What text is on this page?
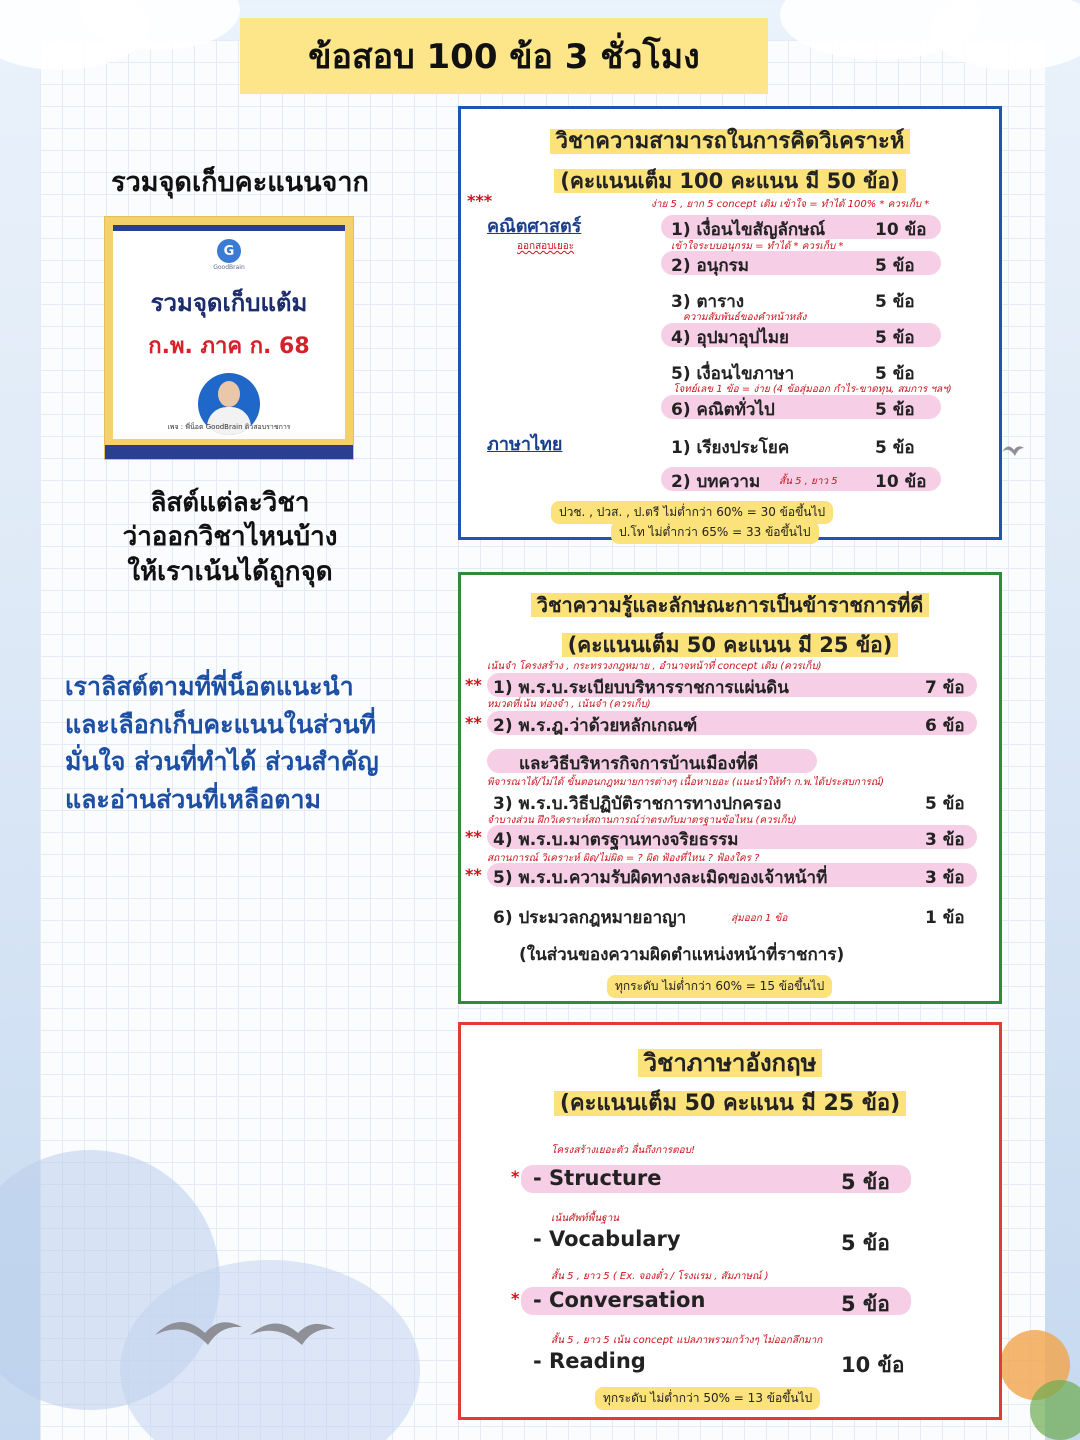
ข้อสอบ 100 ข้อ 3 ชั่วโมง
รวมจุดเก็บคะแนนจาก
G
GoodBrain
รวมจุดเก็บแต้ม
ก.พ. ภาค ก. 68
เพจ : พี่น็อต GoodBrain ติวสอบราชการ
ลิสต์แต่ละวิชา
ว่าออกวิชาไหนบ้าง
ให้เราเน้นได้ถูกจุด
เราลิสต์ตามที่พี่น็อตแนะนำ
และเลือกเก็บคะแนนในส่วนที่
มั่นใจ ส่วนที่ทำได้ ส่วนสำคัญ
และอ่านส่วนที่เหลือตาม
วิชาความสามารถในการคิดวิเคราะห์
(คะแนนเต็ม 100 คะแนน มี 50 ข้อ)
***
คณิตศาสตร์
ออกสอบเยอะ
ภาษาไทย
ง่าย 5 , ยาก 5 concept เดิม เข้าใจ = ทำได้ 100% * ควรเก็บ *
1) เงื่อนไขสัญลักษณ์	10 ข้อ
เข้าใจระบบอนุกรม = ทำได้ * ควรเก็บ *
2) อนุกรม	5 ข้อ
3) ตาราง	5 ข้อ
ความสัมพันธ์ของคำหน้าหลัง
4) อุปมาอุปไมย	5 ข้อ
5) เงื่อนไขภาษา	5 ข้อ
โจทย์เลข 1 ข้อ = ง่าย (4 ข้อสุ่มออก กำไร-ขาดทุน, สมการ ฯลฯ)
6) คณิตทั่วไป	5 ข้อ
1) เรียงประโยค	5 ข้อ
2) บทความ สั้น 5 , ยาว 5 10 ข้อ
ปวช. , ปวส. , ป.ตรี ไม่ต่ำกว่า 60% = 30 ข้อขึ้นไป
ป.โท ไม่ต่ำกว่า 65% = 33 ข้อขึ้นไป
วิชาความรู้และลักษณะการเป็นข้าราชการที่ดี
(คะแนนเต็ม 50 คะแนน มี 25 ข้อ)
เน้นจำ โครงสร้าง , กระทรวงกฎหมาย , อำนาจหน้าที่ concept เดิม (ควรเก็บ)
** 1) พ.ร.บ.ระเบียบบริหารราชการแผ่นดิน	7 ข้อ
หมวดที่เน้น ท่องจำ , เน้นจำ (ควรเก็บ)
** 2) พ.ร.ฎ.ว่าด้วยหลักเกณฑ์	6 ข้อ
และวิธีบริหารกิจการบ้านเมืองที่ดี
พิจารณาได้/ไม่ได้ ขั้นตอนกฎหมายการต่างๆ เนื้อหาเยอะ (แนะนำให้ทำ ก.พ.ได้ประสบการณ์)
3) พ.ร.บ.วิธีปฏิบัติราชการทางปกครอง	5 ข้อ
จำบางส่วน ฝึกวิเคราะห์สถานการณ์ว่าตรงกับมาตรฐานข้อไหน (ควรเก็บ)
** 4) พ.ร.บ.มาตรฐานทางจริยธรรม	3 ข้อ
สถานการณ์ วิเคราะห์ ผิด/ไม่ผิด = ? ผิด ฟ้องที่ไหน ? ฟ้องใคร ?
** 5) พ.ร.บ.ความรับผิดทางละเมิดของเจ้าหน้าที่	3 ข้อ
6) ประมวลกฎหมายอาญา	สุ่มออก 1 ข้อ	1 ข้อ
(ในส่วนของความผิดตำแหน่งหน้าที่ราชการ)
ทุกระดับ ไม่ต่ำกว่า 60% = 15 ข้อขึ้นไป
วิชาภาษาอังกฤษ
(คะแนนเต็ม 50 คะแนน มี 25 ข้อ)
โครงสร้างเยอะตัว ลื่นถึงการตอบ!
* - Structure	5 ข้อ
เน้นศัพท์พื้นฐาน
- Vocabulary	5 ข้อ
สั้น 5 , ยาว 5 ( Ex. จองตั๋ว / โรงแรม , สัมภาษณ์ )
* - Conversation	5 ข้อ
สั้น 5 , ยาว 5 เน้น concept แปลภาพรวมกว้างๆ ไม่ออกลึกมาก
- Reading	10 ข้อ
ทุกระดับ ไม่ต่ำกว่า 50% = 13 ข้อขึ้นไป
